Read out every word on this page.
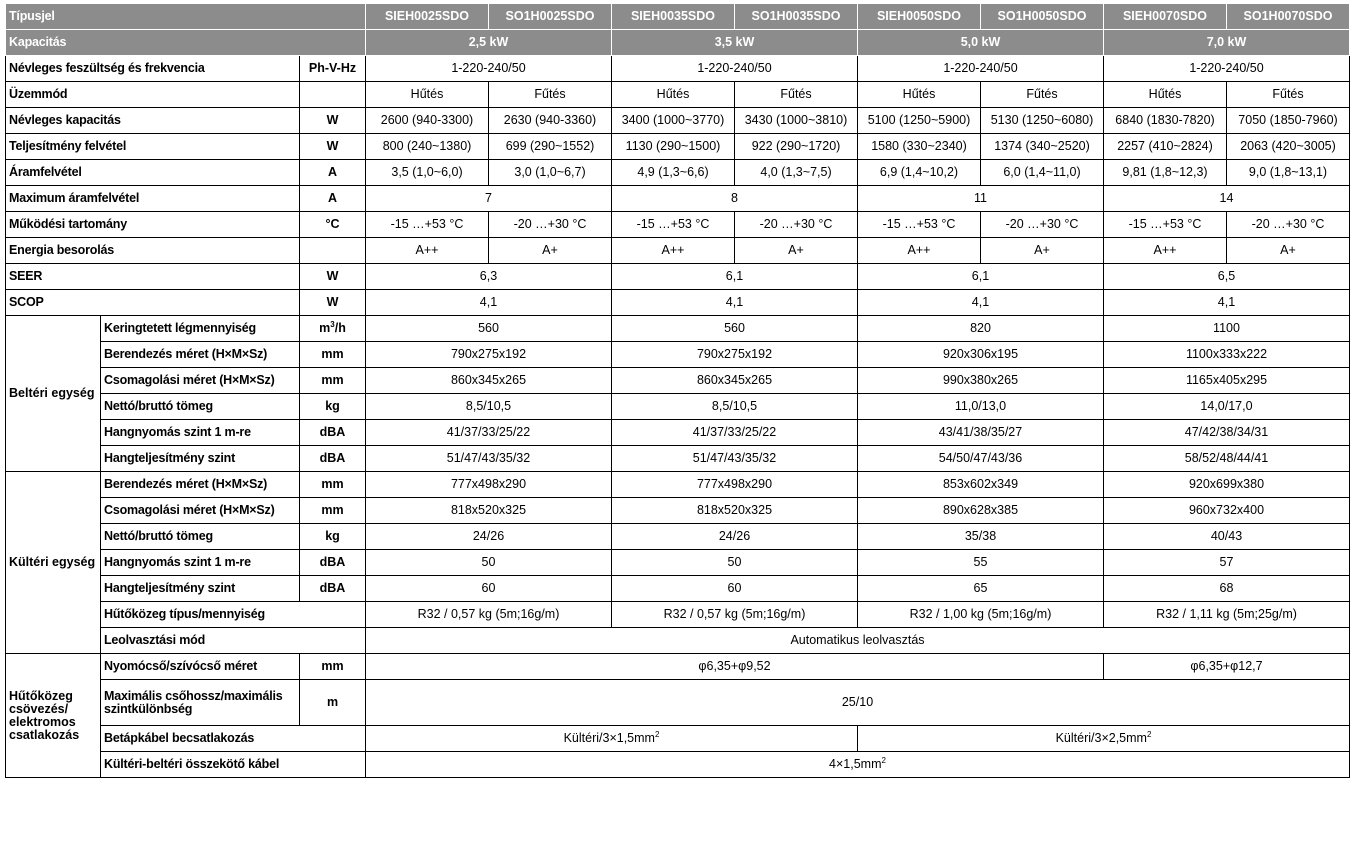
Típusjel			SIEH0025SDO	SO1H0025SDO	SIEH0035SDO	SO1H0035SDO	SIEH0050SDO	SO1H0050SDO	SIEH0070SDO	SO1H0070SDO
Kapacitás			2,5 kW		3,5 kW		5,0 kW		7,0 kW	
Névleges feszültség és frekvencia		Ph-V-Hz	1-220-240/50		1-220-240/50		1-220-240/50		1-220-240/50	
Üzemmód			Hűtés	Fűtés	Hűtés	Fűtés	Hűtés	Fűtés	Hűtés	Fűtés
Névleges kapacitás		W	2600 (940-3300)	2630 (940-3360)	3400 (1000~3770)	3430 (1000~3810)	5100 (1250~5900)	5130 (1250~6080)	6840 (1830-7820)	7050 (1850-7960)
Teljesítmény felvétel		W	800 (240~1380)	699 (290~1552)	1130 (290~1500)	922 (290~1720)	1580 (330~2340)	1374 (340~2520)	2257 (410~2824)	2063 (420~3005)
Áramfelvétel		A	3,5 (1,0~6,0)	3,0 (1,0~6,7)	4,9 (1,3~6,6)	4,0 (1,3~7,5)	6,9 (1,4~10,2)	6,0 (1,4~11,0)	9,81 (1,8~12,3)	9,0 (1,8~13,1)
Maximum áramfelvétel		A	7		8		11		14	
Működési tartomány		°C	-15 …+53 °C	-20 …+30 °C	-15 …+53 °C	-20 …+30 °C	-15 …+53 °C	-20 …+30 °C	-15 …+53 °C	-20 …+30 °C
Energia besorolás			A++	A+	A++	A+	A++	A+	A++	A+
SEER		W	6,3		6,1		6,1		6,5	
SCOP		W	4,1		4,1		4,1		4,1	
Beltéri egység	Keringtetett légmennyiség	$m^3/h$	560		560		820		1100	
	Berendezés méret (H×M×Sz)	mm	790x275x192		790x275x192		920x306x195		1100x333x222	
	Csomagolási méret (H×M×Sz)	mm	860x345x265		860x345x265		990x380x265		1165x405x295	
	Nettó/bruttó tömeg	kg	8,5/10,5		8,5/10,5		11,0/13,0		14,0/17,0	
	Hangnyomás szint 1 m-re	dBA	41/37/33/25/22		41/37/33/25/22		43/41/38/35/27		47/42/38/34/31	
	Hangteljesítmény szint	dBA	51/47/43/35/32		51/47/43/35/32		54/50/47/43/36		58/52/48/44/41	
Kültéri egység	Berendezés méret (H×M×Sz)	mm	777x498x290		777x498x290		853x602x349		920x699x380	
	Csomagolási méret (H×M×Sz)	mm	818x520x325		818x520x325		890x628x385		960x732x400	
	Nettó/bruttó tömeg	kg	24/26		24/26		35/38		40/43	
	Hangnyomás szint 1 m-re	dBA	50		50		55		57	
	Hangteljesítmény szint	dBA	60		60		65		68	
	Hűtőközeg típus/mennyiség		R32 / 0,57 kg (5m;16g/m)		R32 / 0,57 kg (5m;16g/m)		R32 / 1,00 kg (5m;16g/m)		R32 / 1,11 kg (5m;25g/m)	
	Leolvasztási mód		Automatikus leolvasztás							
Hűtőközeg csövezés/ elektromos csatlakozás	Nyomócső/szívócső méret	mm	φ6,35+φ9,52						φ6,35+φ12,7	
	Maximális csőhossz/maximális szintkülönbség	m	25/10							
	Betápkábel becsatlakozás		Kültéri/$3\times 1,5mm^2$				Kültéri/$3\times 2,5mm^2$
	Kültéri-beltéri összekötő kábel		$4\times 1,5mm^2$
